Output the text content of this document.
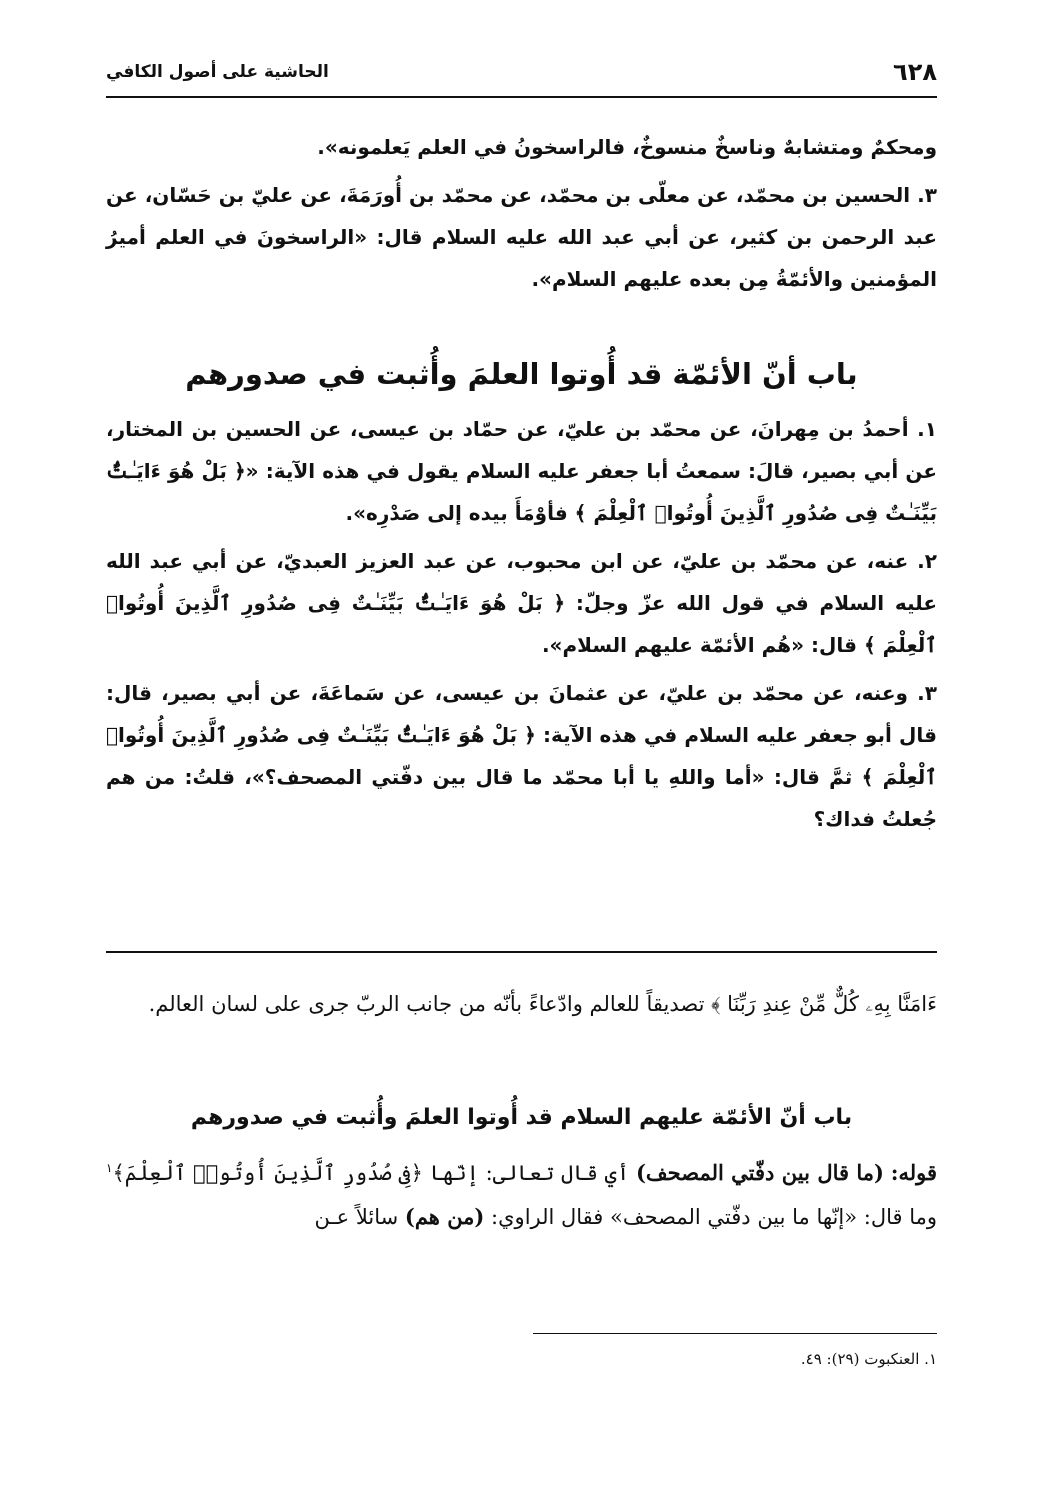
٦٢٨
الحاشية على أصول الكافي

ومحكمٌ ومتشابهٌ وناسخٌ منسوخٌ، فالراسخونُ في العلم يَعلمونه».

٣. الحسين بن محمّد، عن معلّى بن محمّد، عن محمّد بن أُورَمَةَ، عن عليّ بن حَسّان، عن عبد الرحمن بن كثير، عن أبي عبد الله عليه السلام قال: «الراسخونَ في العلم أميرُ المؤمنين والأئمّةُ مِن بعده عليهم السلام».

باب أنّ الأئمّة قد أُوتوا العلمَ وأُثبت في صدورهم

١. أحمدُ بن مِهرانَ، عن محمّد بن عليّ، عن حمّاد بن عيسى، عن الحسين بن المختار، عن أبي بصير، قالَ: سمعتُ أبا جعفر عليه السلام يقول في هذه الآية: «﴿ بَلْ هُوَ ءَايَـٰتٌۢ بَيِّنَـٰتٌ فِى صُدُورِ ٱلَّذِينَ أُوتُوا۟ ٱلْعِلْمَ ﴾ فأوْمَأَ بيده إلى صَدْرِه».

٢. عنه، عن محمّد بن عليّ، عن ابن محبوب، عن عبد العزيز العبديّ، عن أبي عبد الله عليه السلام في قول الله عزّ وجلّ: ﴿ بَلْ هُوَ ءَايَـٰتٌۢ بَيِّنَـٰتٌ فِى صُدُورِ ٱلَّذِينَ أُوتُوا۟ ٱلْعِلْمَ ﴾ قال: «هُم الأئمّة عليهم السلام».

٣. وعنه، عن محمّد بن عليّ، عن عثمانَ بن عيسى، عن سَماعَةَ، عن أبي بصير، قال: قال أبو جعفر عليه السلام في هذه الآية: ﴿ بَلْ هُوَ ءَايَـٰتٌۢ بَيِّنَـٰتٌ فِى صُدُورِ ٱلَّذِينَ أُوتُوا۟ ٱلْعِلْمَ ﴾ ثمَّ قال: «أما واللهِ يا أبا محمّد ما قال بين دفّتي المصحف؟»، قلتُ: من هم جُعلتُ فداك؟

ءَامَنَّا بِهِۦ كُلٌّ مِّنْ عِندِ رَبِّنَا ﴾ تصديقاً للعالم وادّعاءً بأنّه من جانب الربّ جرى على لسان العالم.

باب أنّ الأئمّة عليهم السلام قد أُوتوا العلمَ وأُثبت في صدورهم

قوله: (ما قال بين دفّتي المصحف) أي قال تعالى: إنّها ﴿فِى صُدُورِ ٱلَّذِينَ أُوتُوا۟ ٱلْعِلْمَ﴾$^١$ وما قال: «إنّها ما بين دفّتي المصحف» فقال الراوي: (من هم) سائلاً عـن

١. العنكبوت (٢٩): ٤٩.
